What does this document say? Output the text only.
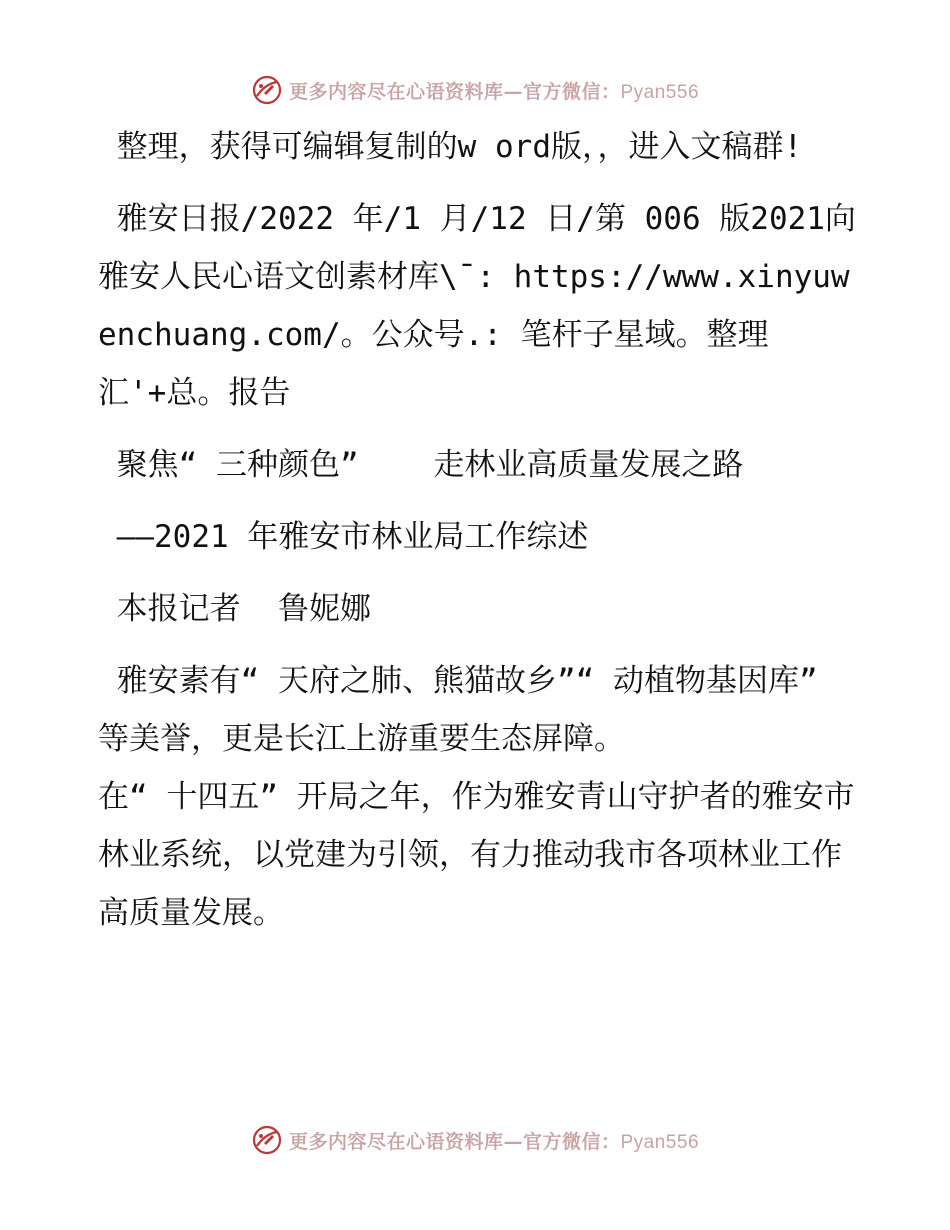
更多内容尽在心语资料库—官方微信：Pyan556

整理，获得可编辑复制的w ord版，，进入文稿群!

雅安日报/2022 年/1 月/12 日/第 006 版2021向雅安人民心语文创素材库\¯: https://www.xinyuwenchuang.com/。公众号.: 笔杆子星域。整理汇'+总。报告

聚焦“ 三种颜色”    走林业高质量发展之路

——2021 年雅安市林业局工作综述

本报记者  鲁妮娜

雅安素有“ 天府之肺、熊猫故乡”“ 动植物基因库” 等美誉，更是长江上游重要生态屏障。

在“ 十四五” 开局之年，作为雅安青山守护者的雅安市林业系统，以党建为引领，有力推动我市各项林业工作高质量发展。

更多内容尽在心语资料库—官方微信：Pyan556
